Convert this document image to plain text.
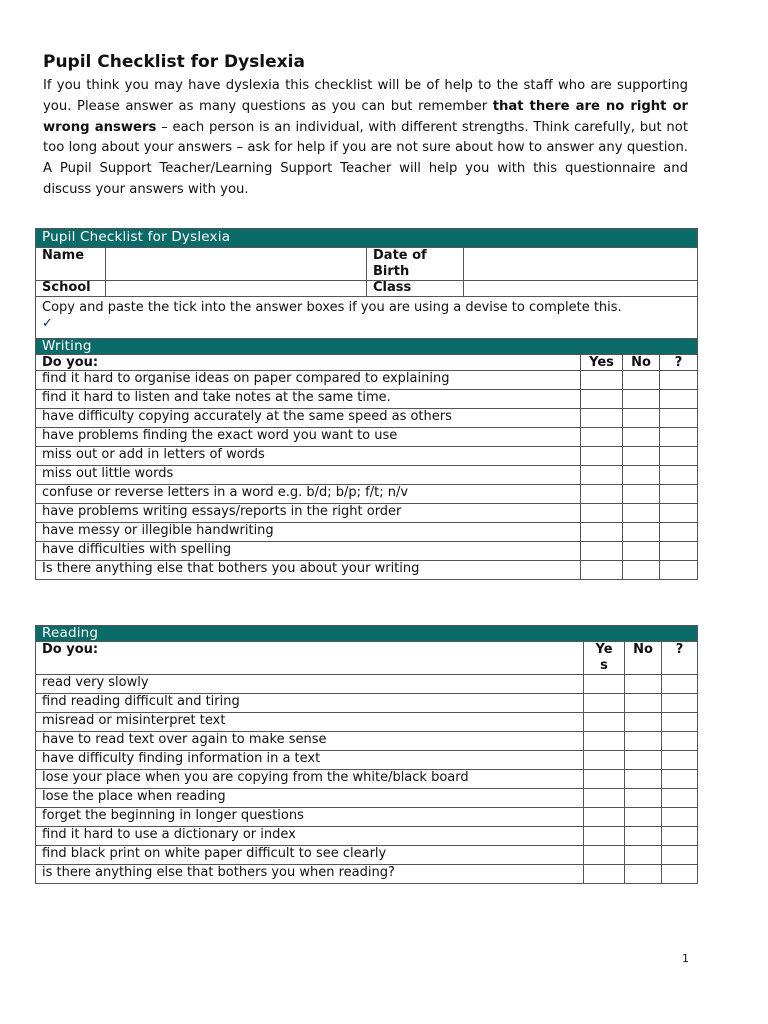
Pupil Checklist for Dyslexia

If you think you may have dyslexia this checklist will be of help to the staff who are supporting you. Please answer as many questions as you can but remember that there are no right or wrong answers – each person is an individual, with different strengths. Think carefully, but not too long about your answers – ask for help if you are not sure about how to answer any question. A Pupil Support Teacher/Learning Support Teacher will help you with this questionnaire and discuss your answers with you.

Pupil Checklist for Dyslexia						
Name		Date of Birth				
School		Class				

Copy and paste the tick into the answer boxes if you are using a devise to complete this.
✓						

Writing						
Do you:				Yes	No	?
find it hard to organise ideas on paper compared to explaining						
find it hard to listen and take notes at the same time.						
have difficulty copying accurately at the same speed as others						
have problems finding the exact word you want to use						
miss out or add in letters of words						
miss out little words						
confuse or reverse letters in a word e.g. b/d; b/p; f/t; n/v						
have problems writing essays/reports in the right order						
have messy or illegible handwriting						
have difficulties with spelling						
Is there anything else that bothers you about your writing						
Reading			
Do you:	Yes	No	?
read very slowly			
find reading difficult and tiring			
misread or misinterpret text			
have to read text over again to make sense			
have difficulty finding information in a text			
lose your place when you are copying from the white/black board			
lose the place when reading			
forget the beginning in longer questions			
find it hard to use a dictionary or index			
find black print on white paper difficult to see clearly			
is there anything else that bothers you when reading?			
1
